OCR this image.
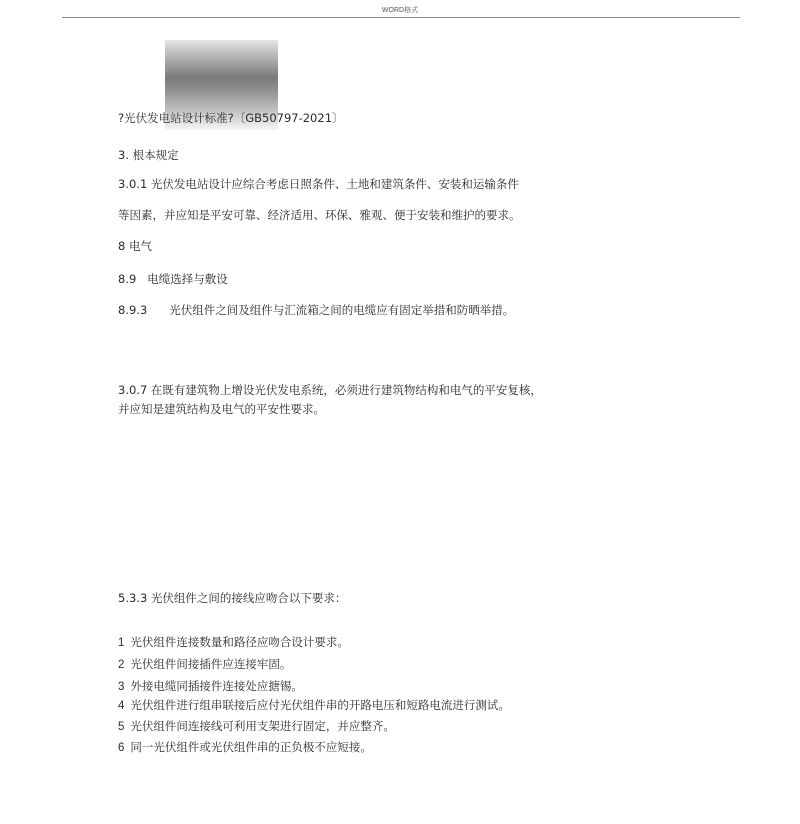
WORD格式
?光伏发电站设计标准?〔GB50797-2021〕
3. 根本规定
3.0.1 光伏发电站设计应综合考虑日照条件、土地和建筑条件、安装和运输条件
等因素，并应知是平安可靠、经济适用、环保、雅观、便于安装和维护的要求。
8 电气
8.9   电缆选择与敷设
8.9.3      光伏组件之间及组件与汇流箱之间的电缆应有固定举措和防晒举措。
3.0.7 在既有建筑物上增设光伏发电系统，必须进行建筑物结构和电气的平安复核，
并应知是建筑结构及电气的平安性要求。
5.3.3 光伏组件之间的接线应吻合以下要求：
1 光伏组件连接数量和路径应吻合设计要求。
2 光伏组件间接插件应连接牢固。
3 外接电缆同插接件连接处应搪锡。
4 光伏组件进行组串联接后应付光伏组件串的开路电压和短路电流进行测试。
5 光伏组件间连接线可利用支架进行固定，并应整齐。
6 同一光伏组件或光伏组件串的正负极不应短接。
